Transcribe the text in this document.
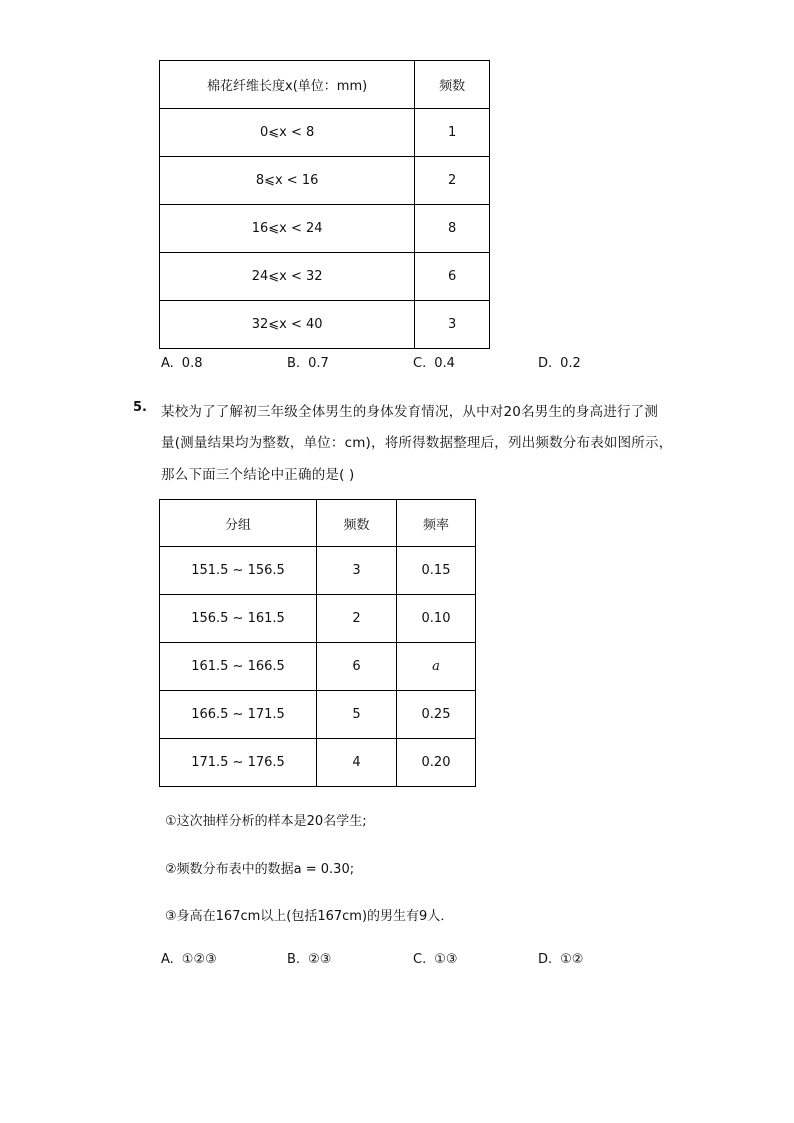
棉花纤维长度x(单位：mm)	频数
0⩽x < 8	1
8⩽x < 16	2
16⩽x < 24	8
24⩽x < 32	6
32⩽x < 40	3
A. 0.8	B. 0.7	C. 0.4	D. 0.2
5. 某校为了了解初三年级全体男生的身体发育情况，从中对20名男生的身高进行了测
量(测量结果均为整数，单位：cm)，将所得数据整理后，列出频数分布表如图所示，
那么下面三个结论中正确的是( )
分组	频数	频率
151.5 ~ 156.5	3	0.15
156.5 ~ 161.5	2	0.10
161.5 ~ 166.5	6	a
166.5 ~ 171.5	5	0.25
171.5 ~ 176.5	4	0.20
①这次抽样分析的样本是20名学生;
②频数分布表中的数据a = 0.30;
③身高在167cm以上(包括167cm)的男生有9人．
A. ①②③	B. ②③	C. ①③	D. ①②
